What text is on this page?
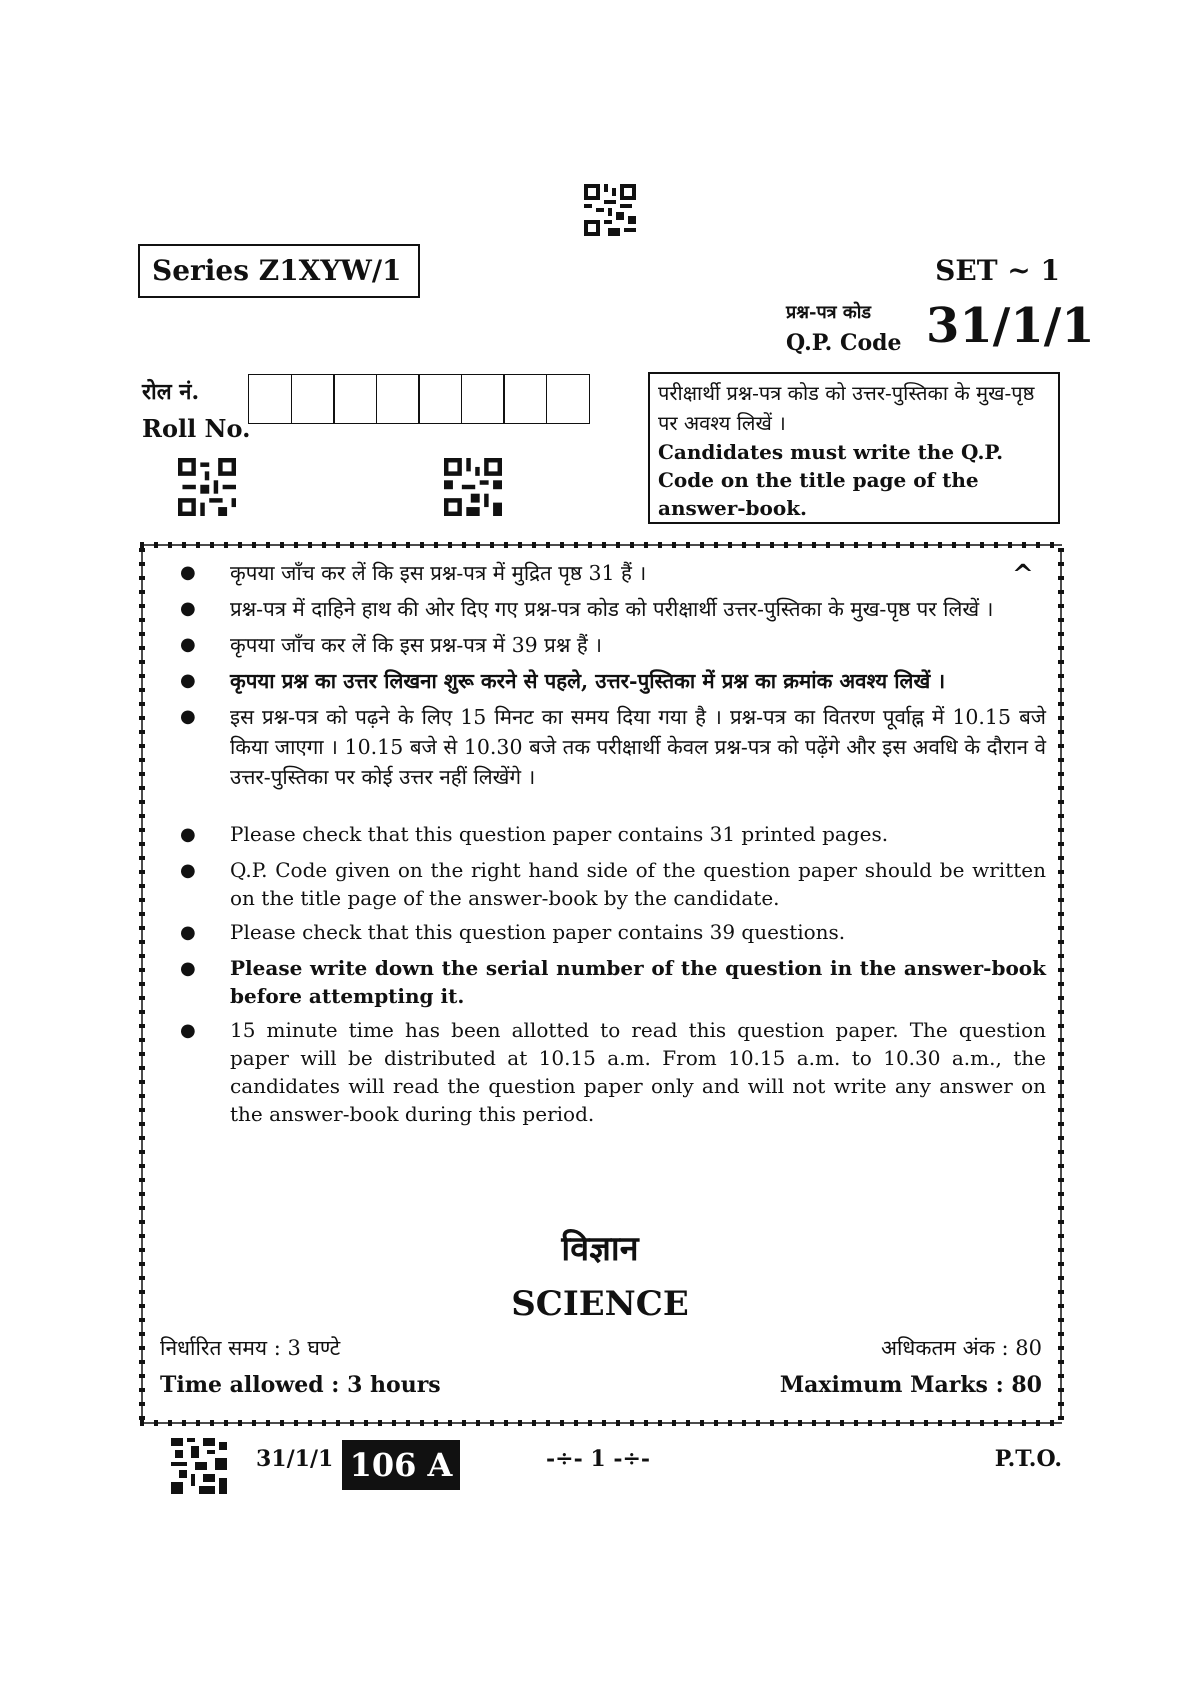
Series Z1XYW/1	SET ~ 1
प्रश्न-पत्र कोड
Q.P. Code 31/1/1
रोल नं.
Roll No.
परीक्षार्थी प्रश्न-पत्र कोड को उत्तर-पुस्तिका के मुख-पृष्ठ पर अवश्य लिखें ।
Candidates must write the Q.P. Code on the title page of the answer-book.
^
●	कृपया जाँच कर लें कि इस प्रश्न-पत्र में मुद्रित पृष्ठ 31 हैं ।
●	प्रश्न-पत्र में दाहिने हाथ की ओर दिए गए प्रश्न-पत्र कोड को परीक्षार्थी उत्तर-पुस्तिका के मुख-पृष्ठ पर लिखें ।
●	कृपया जाँच कर लें कि इस प्रश्न-पत्र में 39 प्रश्न हैं ।
●	कृपया प्रश्न का उत्तर लिखना शुरू करने से पहले, उत्तर-पुस्तिका में प्रश्न का क्रमांक अवश्य लिखें ।
●	इस प्रश्न-पत्र को पढ़ने के लिए 15 मिनट का समय दिया गया है । प्रश्न-पत्र का वितरण पूर्वाह्न में 10.15 बजे किया जाएगा । 10.15 बजे से 10.30 बजे तक परीक्षार्थी केवल प्रश्न-पत्र को पढ़ेंगे और इस अवधि के दौरान वे उत्तर-पुस्तिका पर कोई उत्तर नहीं लिखेंगे ।
●	Please check that this question paper contains 31 printed pages.
●	Q.P. Code given on the right hand side of the question paper should be written on the title page of the answer-book by the candidate.
●	Please check that this question paper contains 39 questions.
●	Please write down the serial number of the question in the answer-book before attempting it.
●	15 minute time has been allotted to read this question paper. The question paper will be distributed at 10.15 a.m. From 10.15 a.m. to 10.30 a.m., the candidates will read the question paper only and will not write any answer on the answer-book during this period.
विज्ञान
SCIENCE
निर्धारित समय : 3 घण्टे
Time allowed : 3 hours
अधिकतम अंक : 80
Maximum Marks : 80
31/1/1 106 A	-÷- 1 -÷-	P.T.O.
